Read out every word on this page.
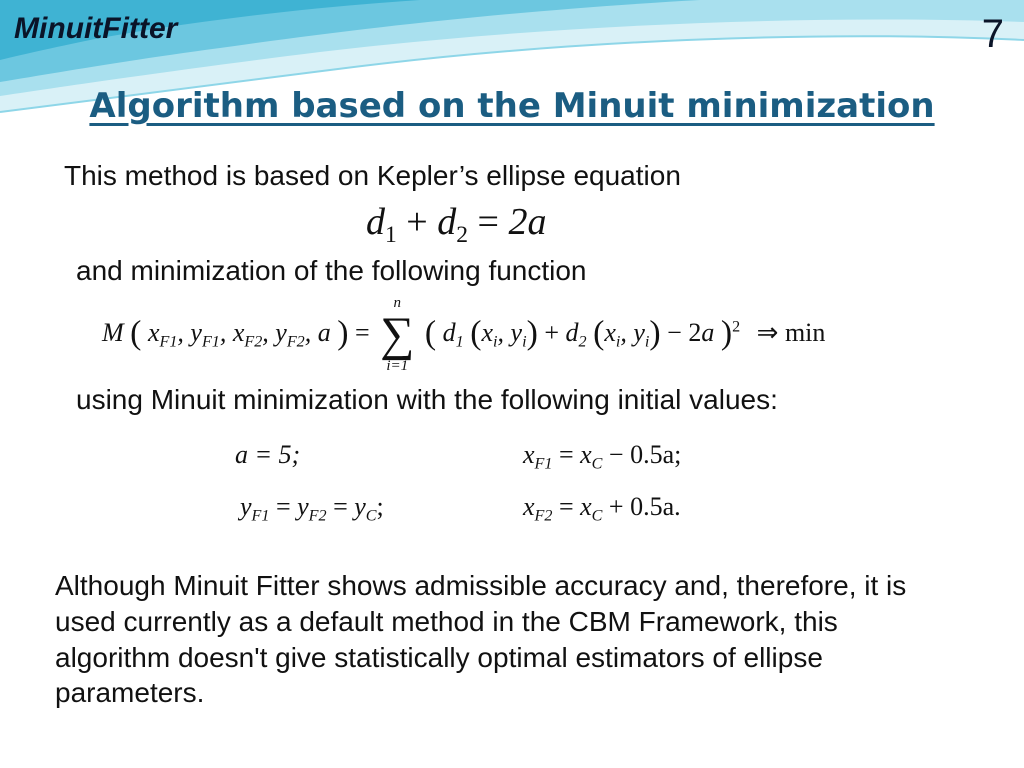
MinuitFitter	7
Algorithm based on the Minuit minimization
This method is based on Kepler’s ellipse equation
$d_1 + d_2 = 2a$
and minimization of the following function
M ( $x_{F1}$, $y_{F1}$, $x_{F2}$, $y_{F2}$, a ) =
n
∑
i=1
( $d_1$ ($x_i$, $y_i) + d_2$ ($x_i$, $y_i) - 2a$ )$^2$ ⇒ min
using Minuit minimization with the following initial values:
a = 5;	$x_{F1} = x_C - 0.5a$;
$y_{F1} = y_{F2} = y_C$;	$x_{F2} = x_C + 0.5a$.
Although Minuit Fitter shows admissible accuracy and, therefore, it is used currently as a default method in the CBM Framework, this algorithm doesn't give statistically optimal estimators of ellipse parameters.
